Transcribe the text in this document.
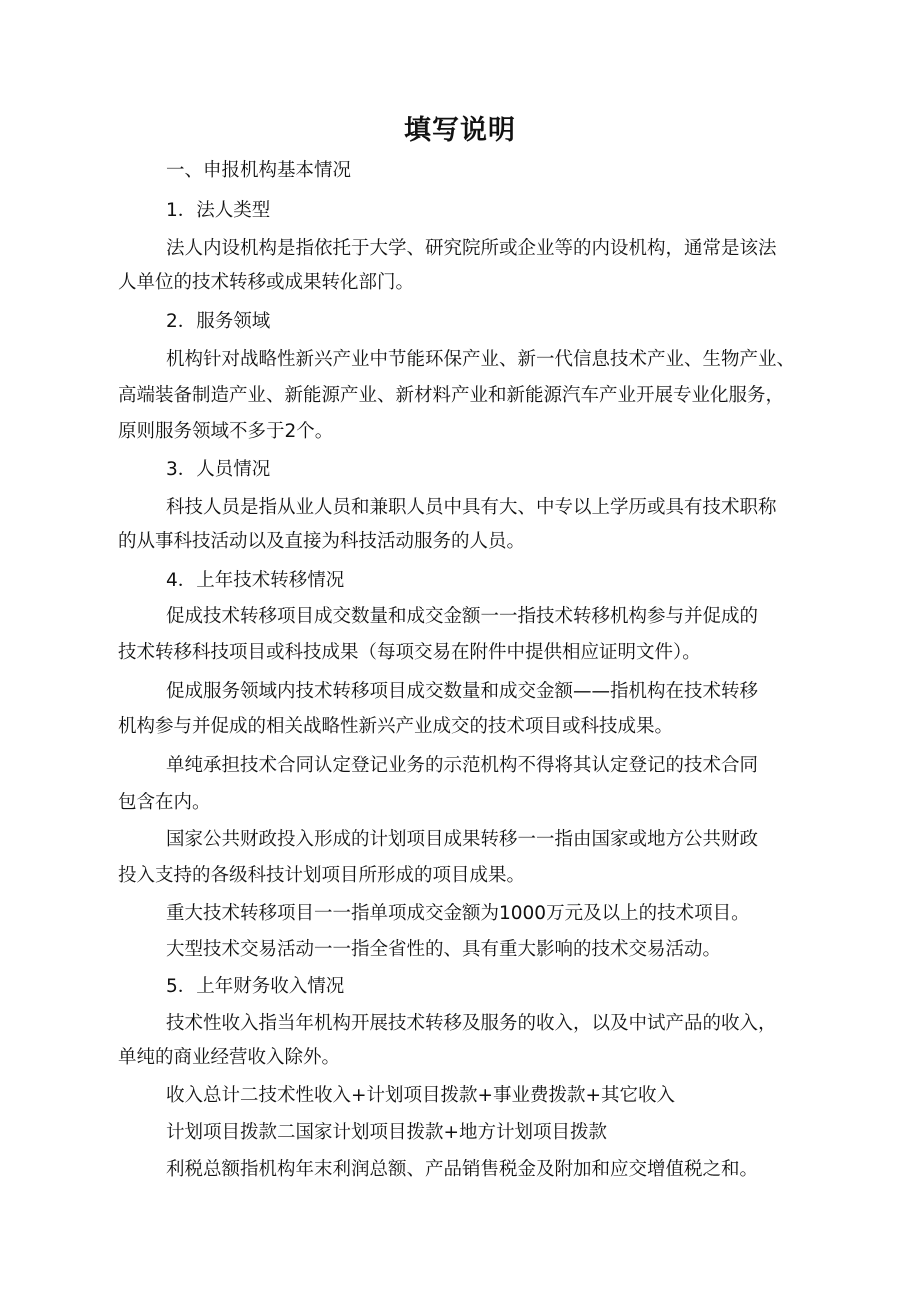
填写说明
一、申报机构基本情况
1．法人类型
法人内设机构是指依托于大学、研究院所或企业等的内设机构，通常是该法
人单位的技术转移或成果转化部门。
2．服务领域
机构针对战略性新兴产业中节能环保产业、新一代信息技术产业、生物产业、
高端装备制造产业、新能源产业、新材料产业和新能源汽车产业开展专业化服务，
原则服务领域不多于2个。
3．人员情况
科技人员是指从业人员和兼职人员中具有大、中专以上学历或具有技术职称
的从事科技活动以及直接为科技活动服务的人员。
4．上年技术转移情况
促成技术转移项目成交数量和成交金额一一指技术转移机构参与并促成的
技术转移科技项目或科技成果（每项交易在附件中提供相应证明文件）。
促成服务领域内技术转移项目成交数量和成交金额——指机构在技术转移
机构参与并促成的相关战略性新兴产业成交的技术项目或科技成果。
单纯承担技术合同认定登记业务的示范机构不得将其认定登记的技术合同
包含在内。
国家公共财政投入形成的计划项目成果转移一一指由国家或地方公共财政
投入支持的各级科技计划项目所形成的项目成果。
重大技术转移项目一一指单项成交金额为1000万元及以上的技术项目。
大型技术交易活动一一指全省性的、具有重大影响的技术交易活动。
5．上年财务收入情况
技术性收入指当年机构开展技术转移及服务的收入，以及中试产品的收入，
单纯的商业经营收入除外。
收入总计二技术性收入+计划项目拨款+事业费拨款+其它收入
计划项目拨款二国家计划项目拨款+地方计划项目拨款
利税总额指机构年末利润总额、产品销售税金及附加和应交增值税之和。
